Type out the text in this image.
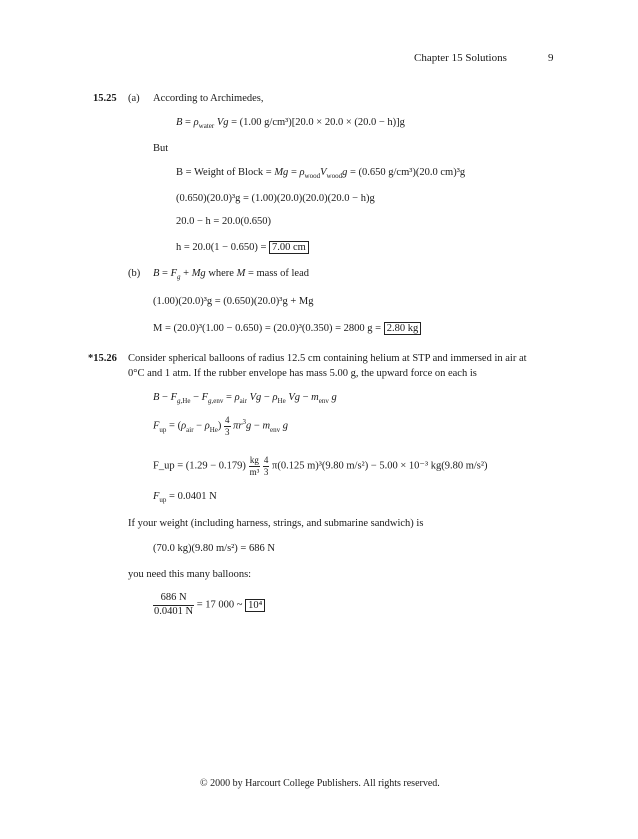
Chapter 15 Solutions	9
15.25 (a) According to Archimedes,
$B = \rho_{water}$ Vg = (1.00 g/cm³)[20.0 × 20.0 × (20.0 − h)]g
But
B = Weight of Block = $Mg = \rho_{wood}V_{wood}g = (0.650$ g/cm³)(20.0 cm)³g
(0.650)(20.0)³g = (1.00)(20.0)(20.0)(20.0 − h)g
20.0 − h = 20.0(0.650)
h = 20.0(1 − 0.650) = 7.00 cm
(b) $B = F_g + Mg$ where M = mass of lead
(1.00)(20.0)³g = (0.650)(20.0)³g + Mg
M = (20.0)³(1.00 − 0.650) = (20.0)³(0.350) = 2800 g = 2.80 kg
*15.26 Consider spherical balloons of radius 12.5 cm containing helium at STP and immersed in air at
0°C and 1 atm. If the rubber envelope has mass 5.00 g, the upward force on each is
$B - F_{g,He} - F_{g,env} = \rho_{air}$ $Vg - \rho_{He}$ $Vg - m_{env}$ g
$F_{up} = (\rho_{air} - \rho_{He}) \frac{4}{3} \pi r^3g - m_{env}$ g
F_up = $(1.29 - 0.179) \frac{kg}{\text{m³}}$
$\frac{4}{3} \pi(0.125$ m)³(9.80 m/s²) − 5.00 × 10⁻³ kg(9.80 m/s²)
$F_{up} = 0.0401$ N
If your weight (including harness, strings, and submarine sandwich) is
(70.0 kg)(9.80 m/s²) = 686 N
you need this many balloons:
$\frac{686 N}{0.0401 N} = 17$ 000 ~ 10⁴
© 2000 by Harcourt College Publishers. All rights reserved.
